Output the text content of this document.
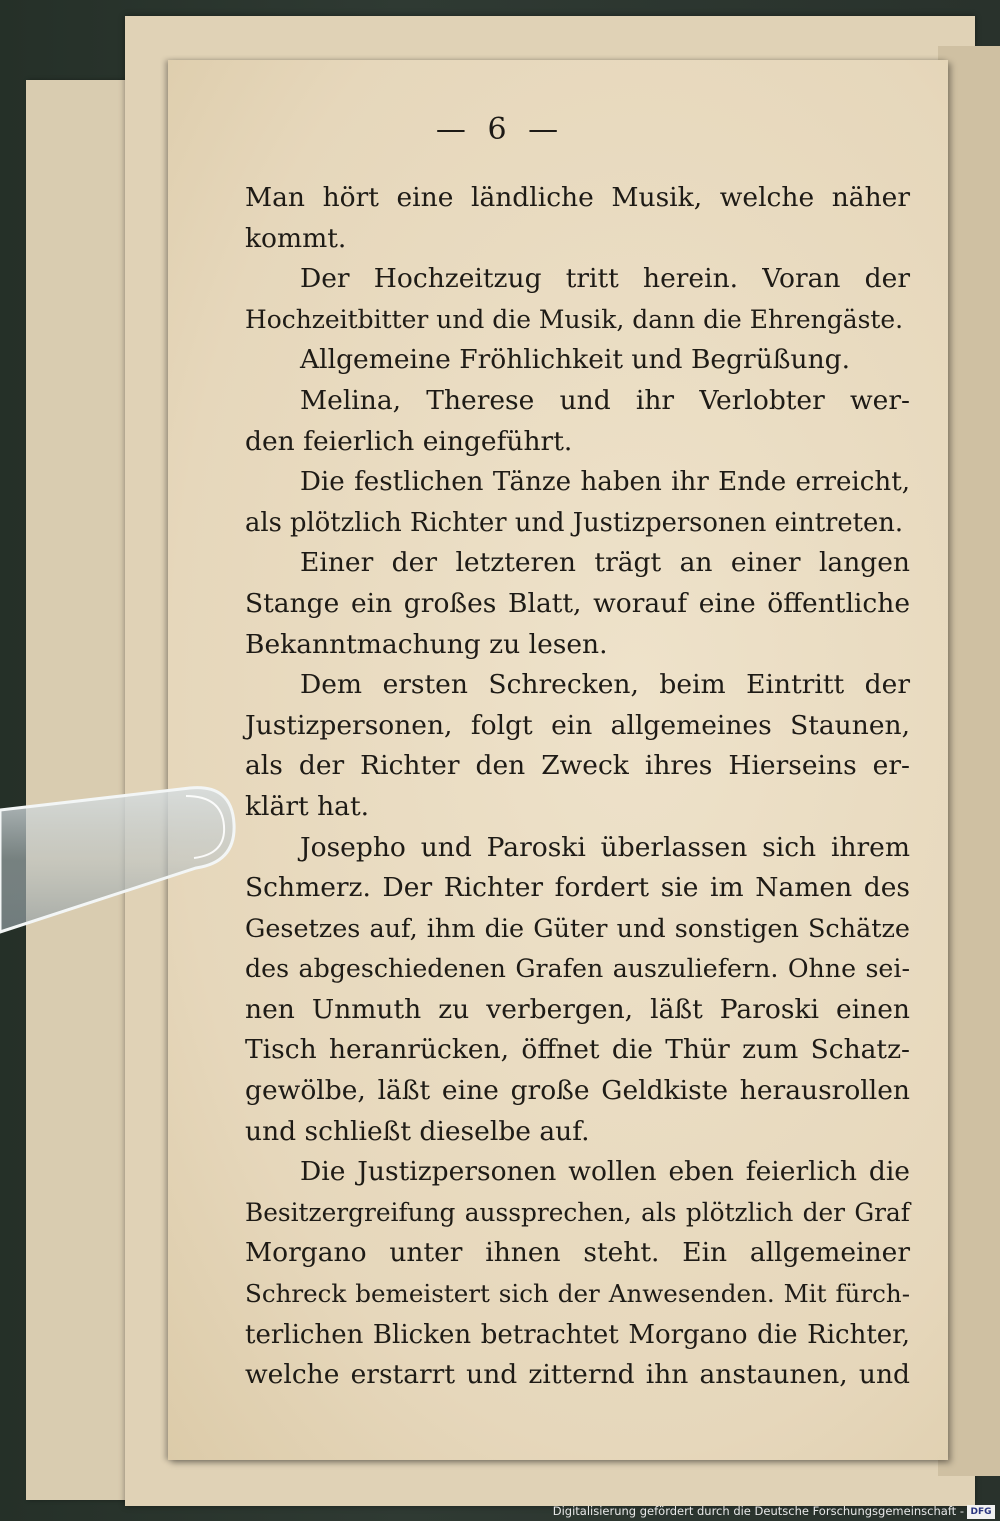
— 6 —
Man hört eine ländliche Musik, welche näher
kommt.
Der Hochzeitzug tritt herein. Voran der
Hochzeitbitter und die Musik, dann die Ehrengäste.
Allgemeine Fröhlichkeit und Begrüßung.
Melina, Therese und ihr Verlobter wer-
den feierlich eingeführt.
Die festlichen Tänze haben ihr Ende erreicht,
als plötzlich Richter und Justizpersonen eintreten.
Einer der letzteren trägt an einer langen
Stange ein großes Blatt, worauf eine öffentliche
Bekanntmachung zu lesen.
Dem ersten Schrecken, beim Eintritt der
Justizpersonen, folgt ein allgemeines Staunen,
als der Richter den Zweck ihres Hierseins er-
klärt hat.
Josepho und Paroski überlassen sich ihrem
Schmerz. Der Richter fordert sie im Namen des
Gesetzes auf, ihm die Güter und sonstigen Schätze
des abgeschiedenen Grafen auszuliefern. Ohne sei-
nen Unmuth zu verbergen, läßt Paroski einen
Tisch heranrücken, öffnet die Thür zum Schatz-
gewölbe, läßt eine große Geldkiste herausrollen
und schließt dieselbe auf.
Die Justizpersonen wollen eben feierlich die
Besitzergreifung aussprechen, als plötzlich der Graf
Morgano unter ihnen steht. Ein allgemeiner
Schreck bemeistert sich der Anwesenden. Mit fürch-
terlichen Blicken betrachtet Morgano die Richter,
welche erstarrt und zitternd ihn anstaunen, und
Digitalisierung gefördert durch die Deutsche Forschungsgemeinschaft - DFG
